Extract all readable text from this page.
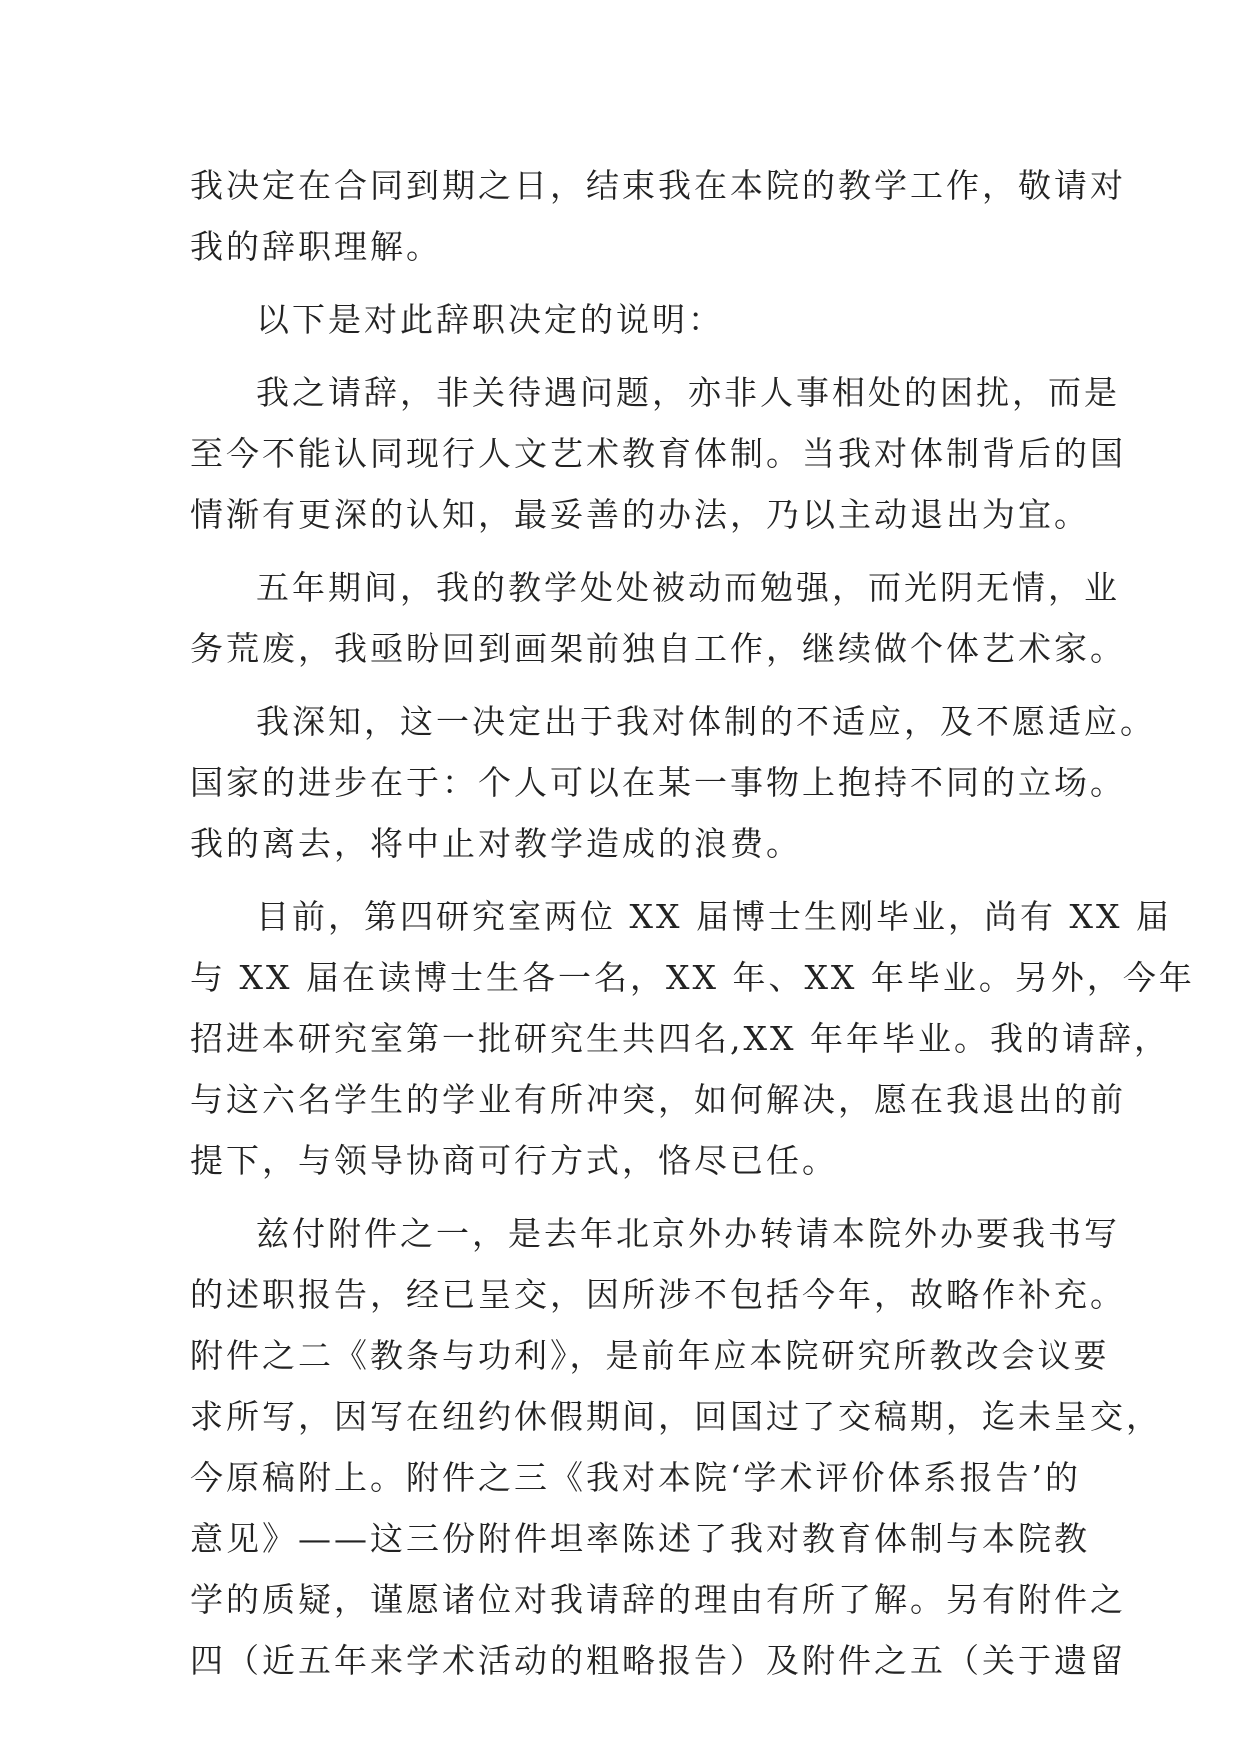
我决定在合同到期之日，结束我在本院的教学工作，敬请对
我的辞职理解。
以下是对此辞职决定的说明：
我之请辞，非关待遇问题，亦非人事相处的困扰，而是
至今不能认同现行人文艺术教育体制。当我对体制背后的国
情渐有更深的认知，最妥善的办法，乃以主动退出为宜。
五年期间，我的教学处处被动而勉强，而光阴无情，业
务荒废，我亟盼回到画架前独自工作，继续做个体艺术家。
我深知，这一决定出于我对体制的不适应，及不愿适应。
国家的进步在于：个人可以在某一事物上抱持不同的立场。
我的离去，将中止对教学造成的浪费。
目前，第四研究室两位 XX 届博士生刚毕业，尚有 XX 届
与 XX 届在读博士生各一名，XX 年、XX 年毕业。另外，今年
招进本研究室第一批研究生共四名,XX 年年毕业。我的请辞，
与这六名学生的学业有所冲突，如何解决，愿在我退出的前
提下，与领导协商可行方式，恪尽已任。
兹付附件之一，是去年北京外办转请本院外办要我书写
的述职报告，经已呈交，因所涉不包括今年，故略作补充。
附件之二《教条与功利》，是前年应本院研究所教改会议要
求所写，因写在纽约休假期间，回国过了交稿期，迄未呈交，
今原稿附上。附件之三《我对本院‘学术评价体系报告’的
意见》——这三份附件坦率陈述了我对教育体制与本院教
学的质疑，谨愿诸位对我请辞的理由有所了解。另有附件之
四（近五年来学术活动的粗略报告）及附件之五（关于遗留
